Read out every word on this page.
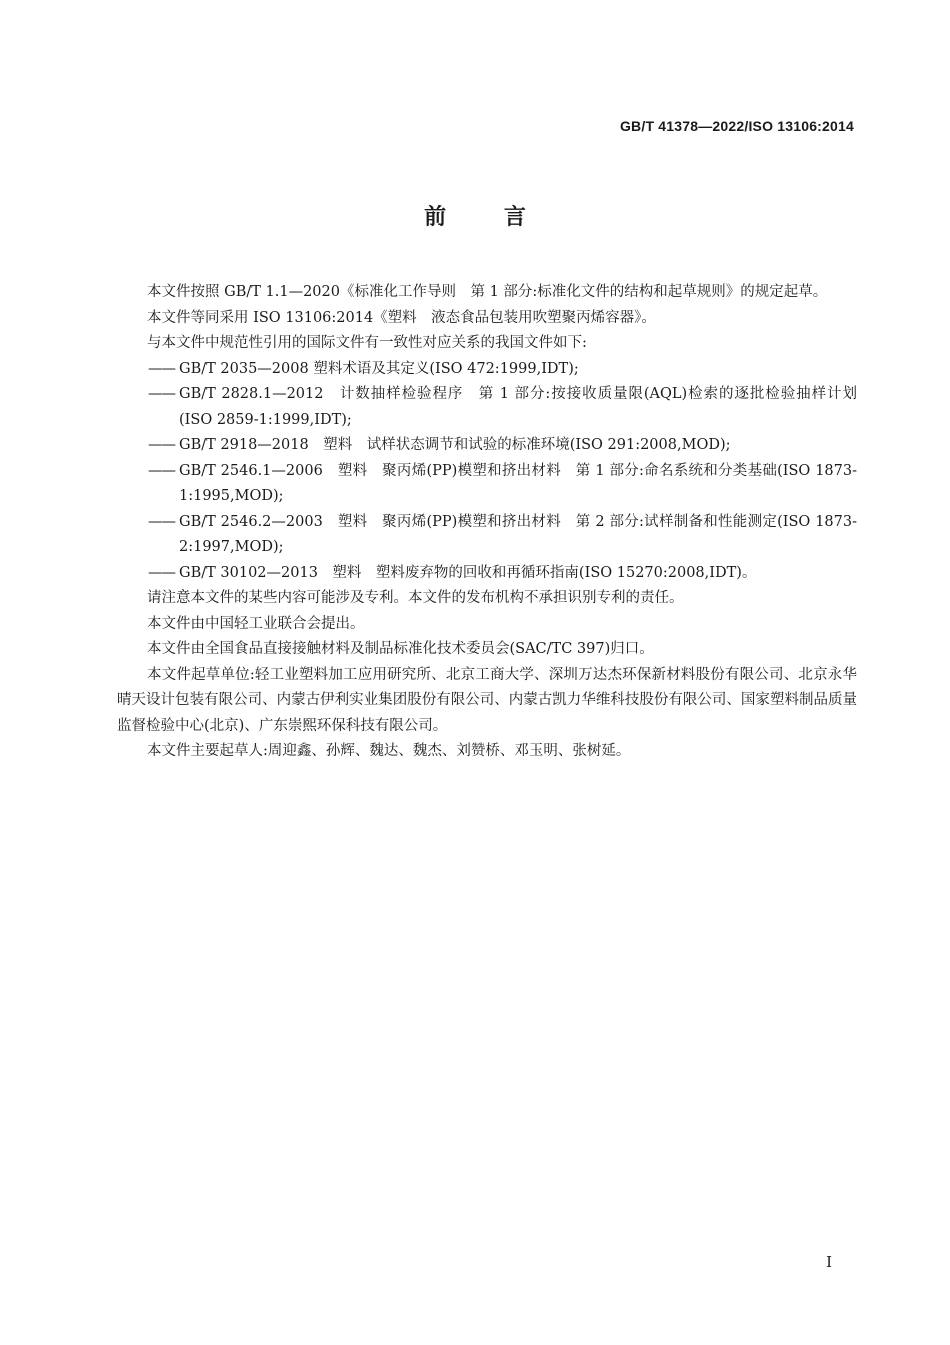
GB/T 41378—2022/ISO 13106:2014
前 言

本文件按照 GB/T 1.1—2020《标准化工作导则　第 1 部分:标准化文件的结构和起草规则》的规定起草。

本文件等同采用 ISO 13106:2014《塑料　液态食品包装用吹塑聚丙烯容器》。

与本文件中规范性引用的国际文件有一致性对应关系的我国文件如下:

——
GB/T 2035—2008 塑料术语及其定义(ISO 472:1999,IDT);
——
GB/T 2828.1—2012　计数抽样检验程序　第 1 部分:按接收质量限(AQL)检索的逐批检验抽样计划(ISO 2859-1:1999,IDT);
——
GB/T 2918—2018　塑料　试样状态调节和试验的标准环境(ISO 291:2008,MOD);
——
GB/T 2546.1—2006　塑料　聚丙烯(PP)模塑和挤出材料　第 1 部分:命名系统和分类基础(ISO 1873-1:1995,MOD);
——
GB/T 2546.2—2003　塑料　聚丙烯(PP)模塑和挤出材料　第 2 部分:试样制备和性能测定(ISO 1873-2:1997,MOD);
——
GB/T 30102—2013　塑料　塑料废弃物的回收和再循环指南(ISO 15270:2008,IDT)。

请注意本文件的某些内容可能涉及专利。本文件的发布机构不承担识别专利的责任。

本文件由中国轻工业联合会提出。

本文件由全国食品直接接触材料及制品标准化技术委员会(SAC/TC 397)归口。

本文件起草单位:轻工业塑料加工应用研究所、北京工商大学、深圳万达杰环保新材料股份有限公司、北京永华晴天设计包装有限公司、内蒙古伊利实业集团股份有限公司、内蒙古凯力华维科技股份有限公司、国家塑料制品质量监督检验中心(北京)、广东崇熙环保科技有限公司。

本文件主要起草人:周迎鑫、孙辉、魏达、魏杰、刘赞桥、邓玉明、张树延。

I
